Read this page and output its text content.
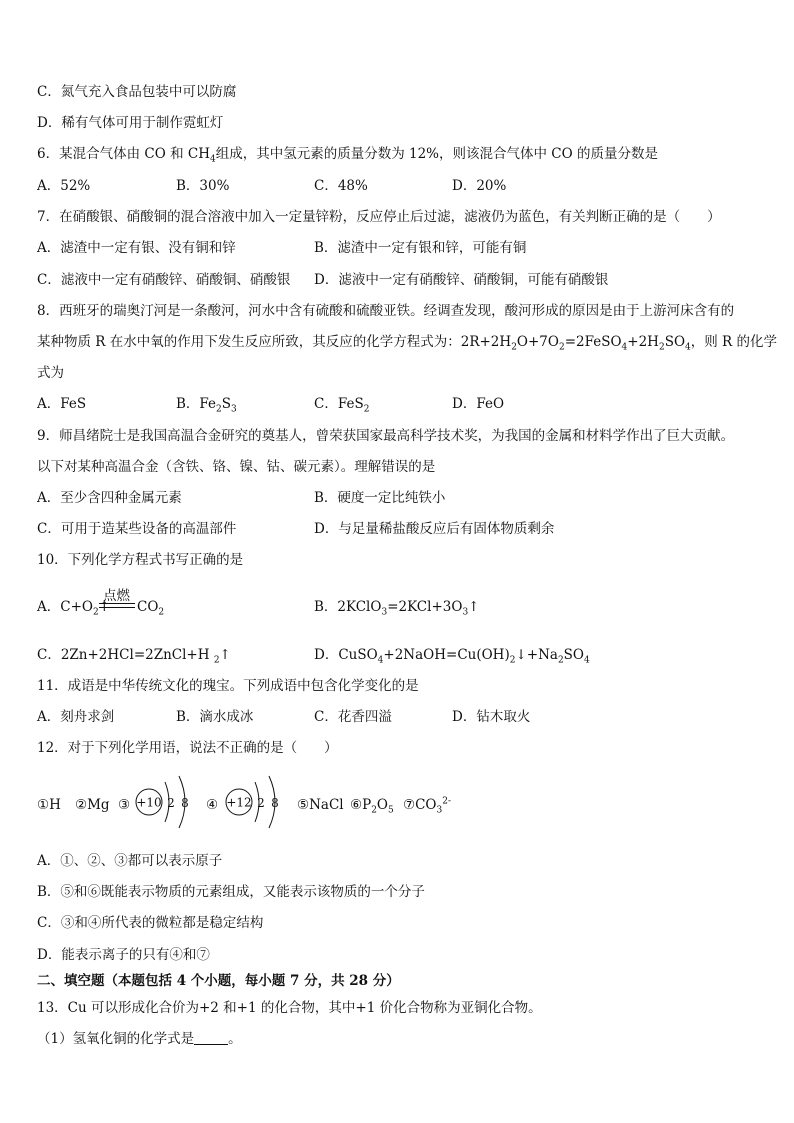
C．氮气充入食品包装中可以防腐
D．稀有气体可用于制作霓虹灯
6．某混合气体由 CO 和 $CH_4$组成，其中氢元素的质量分数为 12%，则该混合气体中 CO 的质量分数是
A．52%	B．30%	C．48%	D．20%
7．在硝酸银、硝酸铜的混合溶液中加入一定量锌粉，反应停止后过滤，滤液仍为蓝色，有关判断正确的是（　　）
A．滤渣中一定有银、没有铜和锌	B．滤渣中一定有银和锌，可能有铜
C．滤液中一定有硝酸锌、硝酸铜、硝酸银 D．滤液中一定有硝酸锌、硝酸铜，可能有硝酸银
8．西班牙的瑞奥汀河是一条酸河，河水中含有硫酸和硫酸亚铁。经调查发现，酸河形成的原因是由于上游河床含有的
某种物质 R 在水中氧的作用下发生反应所致，其反应的化学方程式为：$2R+2H_2O+7O_2=2FeSO_4+2H_2SO_4$，则 R 的化学
式为
A．FeS	B．$Fe_2S_3$	C．FeS$_2$	D．FeO
9．师昌绪院士是我国高温合金研究的奠基人，曾荣获国家最高科学技术奖，为我国的金属和材料学作出了巨大贡献。
以下对某种高温合金（含铁、铬、镍、钴、碳元素）。理解错误的是
A．至少含四种金属元素	B．硬度一定比纯铁小
C．可用于造某些设备的高温部件	D．与足量稀盐酸反应后有固体物质剩余
10．下列化学方程式书写正确的是
点燃
A．$C+O_2↑$ $CO_2$	B．$2KClO_3=2KCl+3O_3↑$
C．2Zn+2HCl=2ZnCl+H $_2$↑	D．$CuSO_4+2NaOH=Cu(OH)_2↓+Na_2SO_4$
11．成语是中华传统文化的瑰宝。下列成语中包含化学变化的是
A．刻舟求剑	B．滴水成冰	C．花香四溢	D．钻木取火
12．对于下列化学用语，说法不正确的是（　　）
①H ②Mg ③ +10 2 8 ④ +12 2 8 ⑤NaCl $⑥P_2O_5$ $⑦CO_3^{2-}$
A．①、②、③都可以表示原子
B．⑤和⑥既能表示物质的元素组成，又能表示该物质的一个分子
C．③和④所代表的微粒都是稳定结构
D．能表示离子的只有④和⑦
二、填空题（本题包括 4 个小题，每小题 7 分，共 28 分）
13．Cu 可以形成化合价为+2 和+1 的化合物，其中+1 价化合物称为亚铜化合物。
（1）氢氧化铜的化学式是	。
